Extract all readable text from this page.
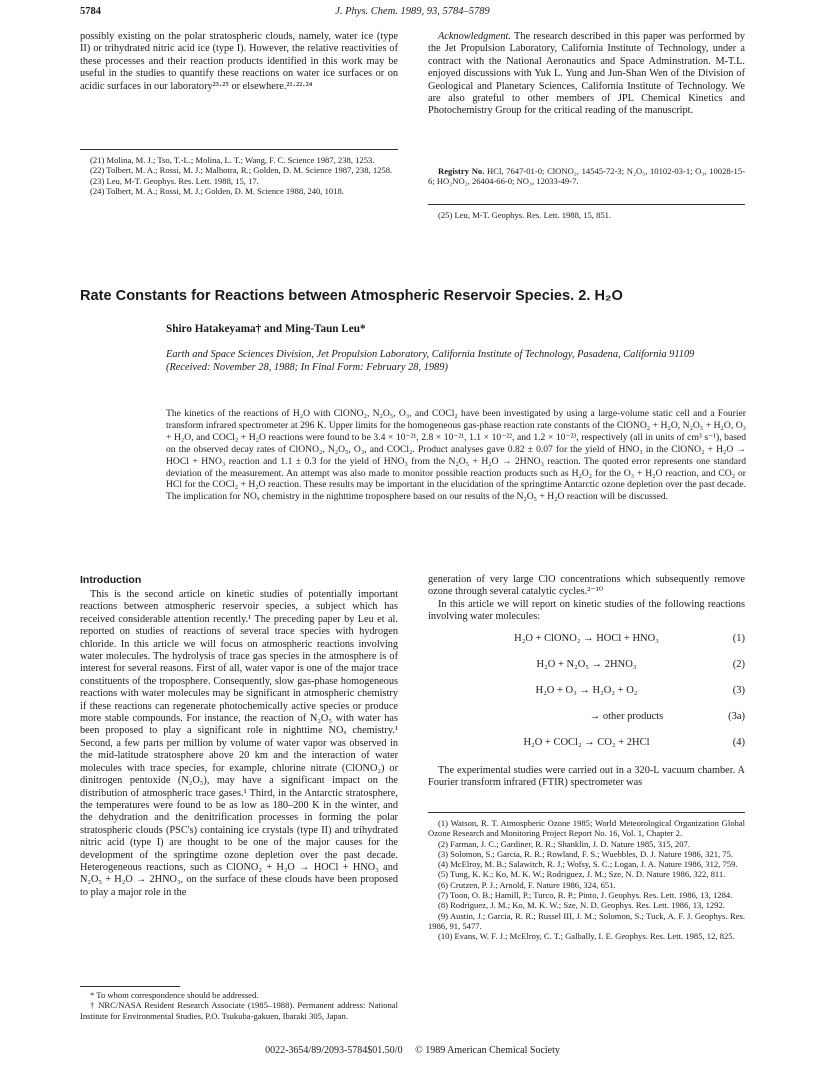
5784	J. Phys. Chem. 1989, 93, 5784–5789

possibly existing on the polar stratospheric clouds, namely, water ice (type II) or trihydrated nitric acid ice (type I). However, the relative reactivities of these processes and their reaction products identified in this work may be useful in the studies to quantify these reactions on water ice surfaces or on acidic surfaces in our laboratory²³·²⁵ or elsewhere.²¹·²²·²⁴

(21) Molina, M. J.; Tso, T.-L.; Molina, L. T.; Wang, F. C. Science 1987, 238, 1253.

(22) Tolbert, M. A.; Rossi, M. J.; Malhotra, R.; Golden, D. M. Science 1987, 238, 1258.

(23) Leu, M-T. Geophys. Res. Lett. 1988, 15, 17.

(24) Tolbert, M. A.; Rossi, M. J.; Golden, D. M. Science 1988, 240, 1018.

Acknowledgment. The research described in this paper was performed by the Jet Propulsion Laboratory, California Institute of Technology, under a contract with the National Aeronautics and Space Adminstration. M-T.L. enjoyed discussions with Yuk L. Yung and Jun-Shan Wen of the Division of Geological and Planetary Sciences, California Institute of Technology. We are also grateful to other members of JPL Chemical Kinetics and Photochemistry Group for the critical reading of the manuscript.

Registry No. HCl, 7647-01-0; ClONO₂, 14545-72-3; N₂O₅, 10102-03-1; O₃, 10028-15-6; HO₂NO₂, 26404-66-0; NO₃, 12033-49-7.

(25) Leu, M-T. Geophys. Res. Lett. 1988, 15, 851.

Rate Constants for Reactions between Atmospheric Reservoir Species. 2. H₂O
Shiro Hatakeyama† and Ming-Taun Leu*
Earth and Space Sciences Division, Jet Propulsion Laboratory, California Institute of Technology, Pasadena, California 91109 (Received: November 28, 1988; In Final Form: February 28, 1989)
The kinetics of the reactions of H₂O with ClONO₂, N₂O₅, O₃, and COCl₂ have been investigated by using a large-volume static cell and a Fourier transform infrared spectrometer at 296 K. Upper limits for the homogeneous gas-phase reaction rate constants of the ClONO₂ + H₂O, N₂O₅ + H₂O, O₃ + H₂O, and COCl₂ + H₂O reactions were found to be 3.4 × 10⁻²¹, 2.8 × 10⁻²¹, 1.1 × 10⁻²², and 1.2 × 10⁻²³, respectively (all in units of cm³ s⁻¹), based on the observed decay rates of ClONO₂, N₂O₅, O₃, and COCl₂. Product analyses gave 0.82 ± 0.07 for the yield of HNO₃ in the ClONO₂ + H₂O → HOCl + HNO₃ reaction and 1.1 ± 0.3 for the yield of HNO₃ from the N₂O₅ + H₂O → 2HNO₃ reaction. The quoted error represents one standard deviation of the measurement. An attempt was also made to monitor possible reaction products such as H₂O₂ for the O₃ + H₂O reaction, and CO₂ or HCl for the COCl₂ + H₂O reaction. These results may be important in the elucidation of the springtime Antarctic ozone depletion over the past decade. The implication for NOₓ chemistry in the nighttime troposphere based on our results of the N₂O₅ + H₂O reaction will be discussed.
Introduction

This is the second article on kinetic studies of potentially important reactions between atmospheric reservoir species, a subject which has received considerable attention recently.¹ The preceding paper by Leu et al. reported on studies of reactions of several trace species with hydrogen chloride. In this article we will focus on atmospheric reactions involving water molecules. The hydrolysis of trace gas species in the atmosphere is of interest for several reasons. First of all, water vapor is one of the major trace constituents of the troposphere. Consequently, slow gas-phase homogeneous reactions with water molecules may be significant in atmospheric chemistry if these reactions can regenerate photochemically active species or produce more stable compounds. For instance, the reaction of N₂O₅ with water has been proposed to play a significant role in nighttime NOₓ chemistry.¹ Second, a few parts per million by volume of water vapor was observed in the mid-latitude stratosphere above 20 km and the interaction of water molecules with trace species, for example, chlorine nitrate (ClONO₂) or dinitrogen pentoxide (N₂O₅), may have a significant impact on the distribution of atmospheric trace gases.¹ Third, in the Antarctic stratosphere, the temperatures were found to be as low as 180–200 K in the winter, and the dehydration and the denitrification processes in forming the polar stratospheric clouds (PSC's) containing ice crystals (type II) and trihydrated nitric acid (type I) are thought to be one of the major causes for the development of the springtime ozone depletion over the past decade. Heterogeneous reactions, such as ClONO₂ + H₂O → HOCl + HNO₃ and N₂O₅ + H₂O → 2HNO₃, on the surface of these clouds have been proposed to play a major role in the

* To whom correspondence should be addressed.

† NRC/NASA Resident Research Associate (1985–1988). Permanent address: National Institute for Environmental Studies, P.O. Tsukuba-gakuen, Ibaraki 305, Japan.

generation of very large ClO concentrations which subsequently remove ozone through several catalytic cycles.²⁻¹⁰

In this article we will report on kinetic studies of the following reactions involving water molecules:

H₂O + ClONO₂ → HOCl + HNO₃	(1)
H₂O + N₂O₅ → 2HNO₃	(2)
H₂O + O₃ → H₂O₂ + O₂	(3)
→ other products	(3a)
H₂O + COCl₂ → CO₂ + 2HCl	(4)

The experimental studies were carried out in a 320-L vacuum chamber. A Fourier transform infrared (FTIR) spectrometer was

(1) Watson, R. T. Atmospheric Ozone 1985; World Meteorological Organization Global Ozone Research and Monitoring Project Report No. 16, Vol. 1, Chapter 2.

(2) Farman, J. C.; Gardiner, R. R.; Shanklin, J. D. Nature 1985, 315, 207.

(3) Solomon, S.; Garcia, R. R.; Rowland, F. S.; Wuebbles, D. J. Nature 1986, 321, 75.

(4) McElroy, M. B.; Salawitch, R. J.; Wofsy, S. C.; Logan, J. A. Nature 1986, 312, 759.

(5) Tung, K. K.; Ko, M. K. W.; Rodriguez, J. M.; Sze, N. D. Nature 1986, 322, 811.

(6) Crutzen, P. J.; Arnold, F. Nature 1986, 324, 651.

(7) Toon, O. B.; Hamill, P.; Turco, R. P.; Pinto, J. Geophys. Res. Lett. 1986, 13, 1284.

(8) Rodriguez, J. M.; Ko, M. K. W.; Sze, N. D. Geophys. Res. Lett. 1986, 13, 1292.

(9) Austin, J.; Garcia, R. R.; Russel III, J. M.; Solomon, S.; Tuck, A. F. J. Geophys. Res. 1986, 91, 5477.

(10) Evans, W. F. J.; McElroy, C. T.; Galbally, I. E. Geophys. Res. Lett. 1985, 12, 825.

0022-3654/89/2093-5784$01.50/0 © 1989 American Chemical Society
